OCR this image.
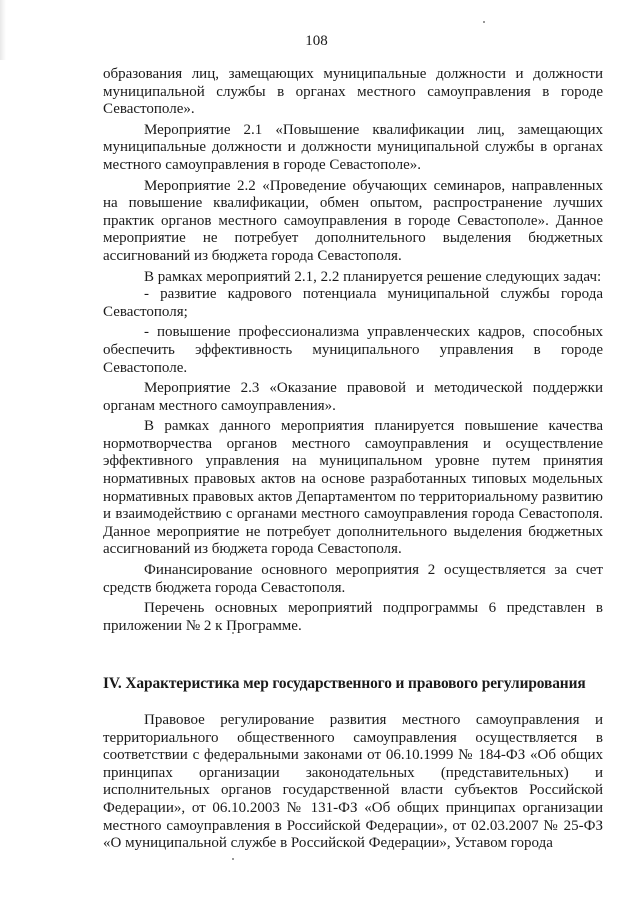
108

образования лиц, замещающих муниципальные должности и должности муниципальной службы в органах местного самоуправления в городе Севастополе».

Мероприятие 2.1 «Повышение квалификации лиц, замещающих муниципальные должности и должности муниципальной службы в органах местного самоуправления в городе Севастополе».

Мероприятие 2.2 «Проведение обучающих семинаров, направленных на повышение квалификации, обмен опытом, распространение лучших практик органов местного самоуправления в городе Севастополе». Данное мероприятие не потребует дополнительного выделения бюджетных ассигнований из бюджета города Севастополя.

В рамках мероприятий 2.1, 2.2 планируется решение следующих задач:

- развитие кадрового потенциала муниципальной службы города Севастополя;

- повышение профессионализма управленческих кадров, способных обеспечить эффективность муниципального управления в городе Севастополе.

Мероприятие 2.3 «Оказание правовой и методической поддержки органам местного самоуправления».

В рамках данного мероприятия планируется повышение качества нормотворчества органов местного самоуправления и осуществление эффективного управления на муниципальном уровне путем принятия нормативных правовых актов на основе разработанных типовых модельных нормативных правовых актов Департаментом по территориальному развитию и взаимодействию с органами местного самоуправления города Севастополя. Данное мероприятие не потребует дополнительного выделения бюджетных ассигнований из бюджета города Севастополя.

Финансирование основного мероприятия 2 осуществляется за счет средств бюджета города Севастополя.

Перечень основных мероприятий подпрограммы 6 представлен в приложении № 2 к Программе.

IV. Характеристика мер государственного и правового регулирования

Правовое регулирование развития местного самоуправления и территориального общественного самоуправления осуществляется в соответствии с федеральными законами от 06.10.1999 № 184-ФЗ «Об общих принципах организации законодательных (представительных) и исполнительных органов государственной власти субъектов Российской Федерации», от 06.10.2003 № 131-ФЗ «Об общих принципах организации местного самоуправления в Российской Федерации», от 02.03.2007 № 25-ФЗ «О муниципальной службе в Российской Федерации», Уставом города
